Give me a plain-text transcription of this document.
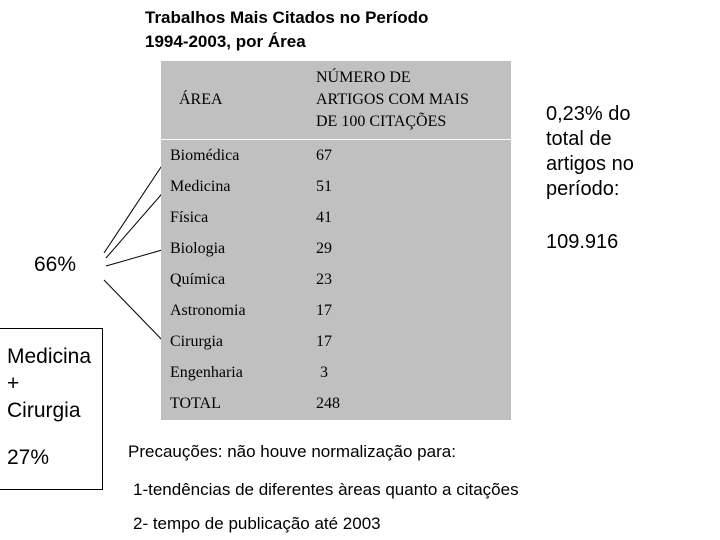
Trabalhos Mais Citados no Período
1994-2003, por Área
ÁREA	NÚMERO DE
ARTIGOS COM MAIS
DE 100 CITAÇÕES

Biomédica	67
Medicina	51
Física	41
Biologia	29
Química	23
Astronomia	17
Cirurgia	17
Engenharia	3
TOTAL	248
0,23% do
total de
artigos no
período:
109.916
66%
Medicina
+
Cirurgia
27%	Precauções: não houve normalização para:
1-tendências de diferentes àreas quanto a citações
2- tempo de publicação até 2003
